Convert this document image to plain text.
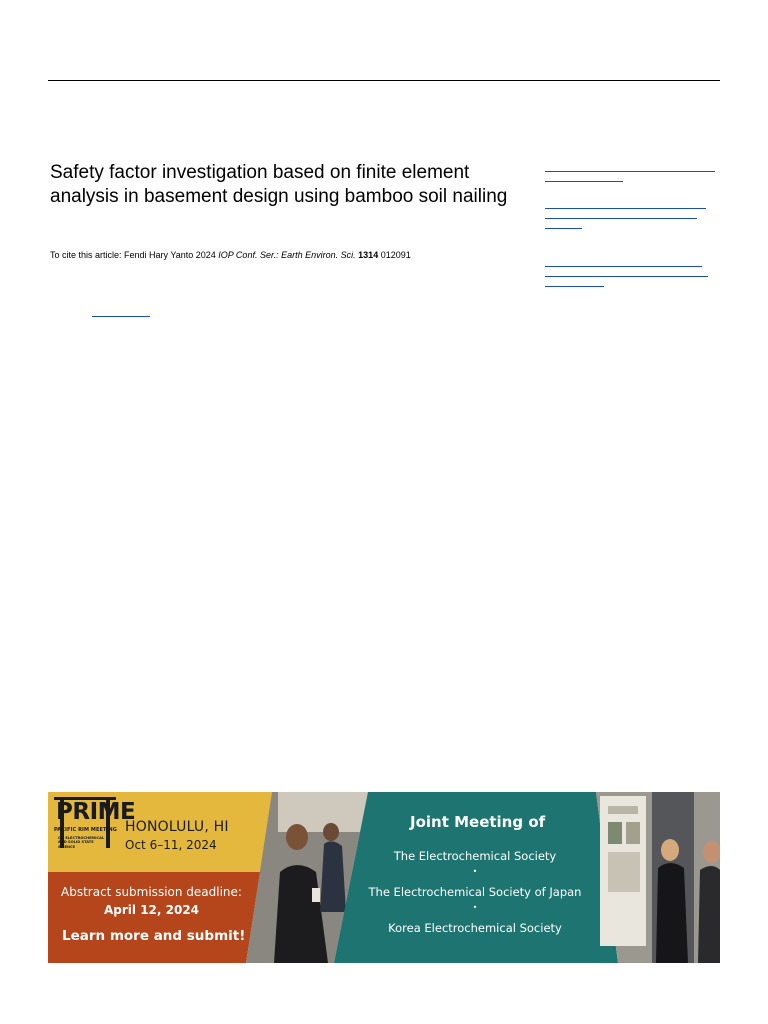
Safety factor investigation based on finite element analysis in basement design using bamboo soil nailing
To cite this article: Fendi Hary Yanto 2024 IOP Conf. Ser.: Earth Environ. Sci. 1314 012091
PRIME
PACIFIC RIM MEETING
ON ELECTROCHEMICAL AND SOLID STATE SCIENCE
HONOLULU, HI
Oct 6–11, 2024
Abstract submission deadline:
April 12, 2024
Learn more and submit!
Joint Meeting of
The Electrochemical Society
•
The Electrochemical Society of Japan
•
Korea Electrochemical Society
